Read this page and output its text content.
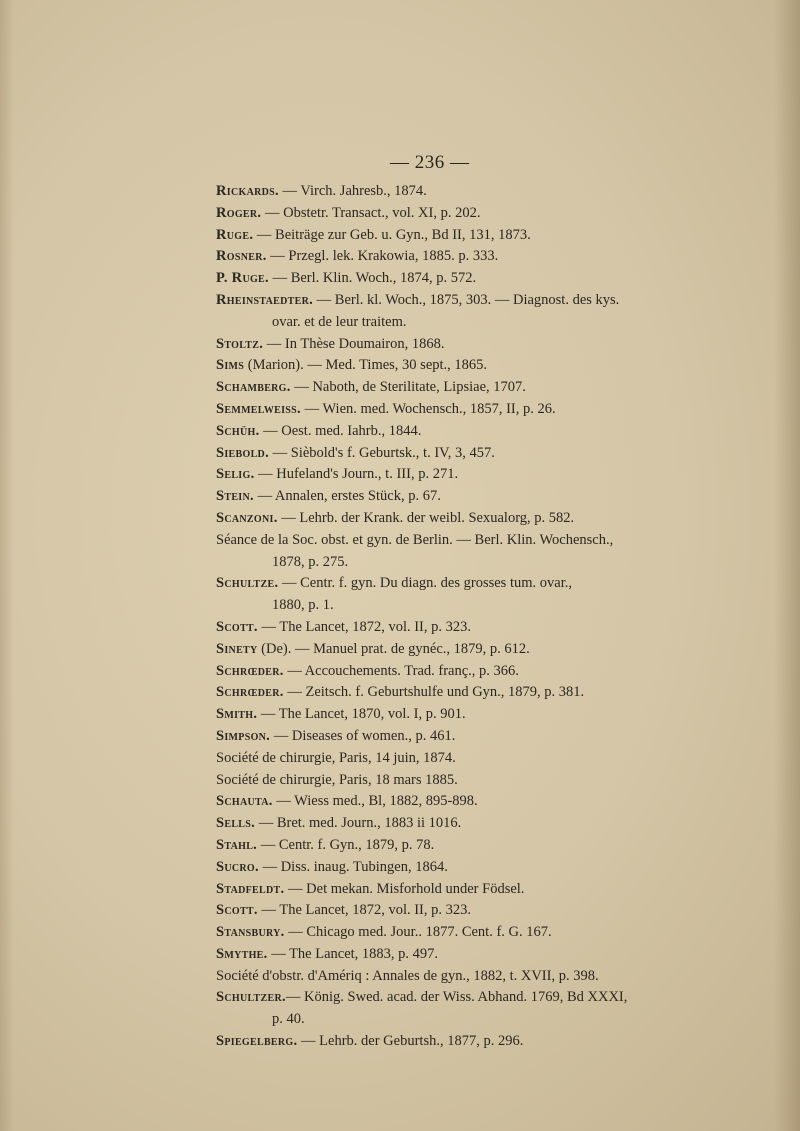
— 236 —
Rickards. — Virch. Jahresb., 1874.
Roger. — Obstetr. Transact., vol. XI, p. 202.
Ruge. — Beiträge zur Geb. u. Gyn., Bd II, 131, 1873.
Rosner. — Przegl. lek. Krakowia, 1885. p. 333.
P. Ruge. — Berl. Klin. Woch., 1874, p. 572.
Rheinstaedter. — Berl. kl. Woch., 1875, 303. — Diagnost. des kys.
ovar. et de leur traitem.
Stoltz. — In Thèse Doumairon, 1868.
Sims (Marion). — Med. Times, 30 sept., 1865.
Schamberg. — Naboth, de Sterilitate, Lipsiae, 1707.
Semmelweiss. — Wien. med. Wochensch., 1857, II, p. 26.
Schüh. — Oest. med. Iahrb., 1844.
Siebold. — Sièbold's f. Geburtsk., t. IV, 3, 457.
Selig. — Hufeland's Journ., t. III, p. 271.
Stein. — Annalen, erstes Stück, p. 67.
Scanzoni. — Lehrb. der Krank. der weibl. Sexualorg, p. 582.
Séance de la Soc. obst. et gyn. de Berlin. — Berl. Klin. Wochensch.,
1878, p. 275.
Schultze. — Centr. f. gyn. Du diagn. des grosses tum. ovar.,
1880, p. 1.
Scott. — The Lancet, 1872, vol. II, p. 323.
Sinety (De). — Manuel prat. de gynéc., 1879, p. 612.
Schrœder. — Accouchements. Trad. franç., p. 366.
Schrœder. — Zeitsch. f. Geburtshulfe und Gyn., 1879, p. 381.
Smith. — The Lancet, 1870, vol. I, p. 901.
Simpson. — Diseases of women., p. 461.
Société de chirurgie, Paris, 14 juin, 1874.
Société de chirurgie, Paris, 18 mars 1885.
Schauta. — Wiess med., Bl, 1882, 895-898.
Sells. — Bret. med. Journ., 1883 ii 1016.
Stahl. — Centr. f. Gyn., 1879, p. 78.
Sucro. — Diss. inaug. Tubingen, 1864.
Stadfeldt. — Det mekan. Misforhold under Födsel.
Scott. — The Lancet, 1872, vol. II, p. 323.
Stansbury. — Chicago med. Jour.. 1877. Cent. f. G. 167.
Smythe. — The Lancet, 1883, p. 497.
Société d'obstr. d'Amériq : Annales de gyn., 1882, t. XVII, p. 398.
Schultzer.— König. Swed. acad. der Wiss. Abhand. 1769, Bd XXXI,
p. 40.
Spiegelberg. — Lehrb. der Geburtsh., 1877, p. 296.
